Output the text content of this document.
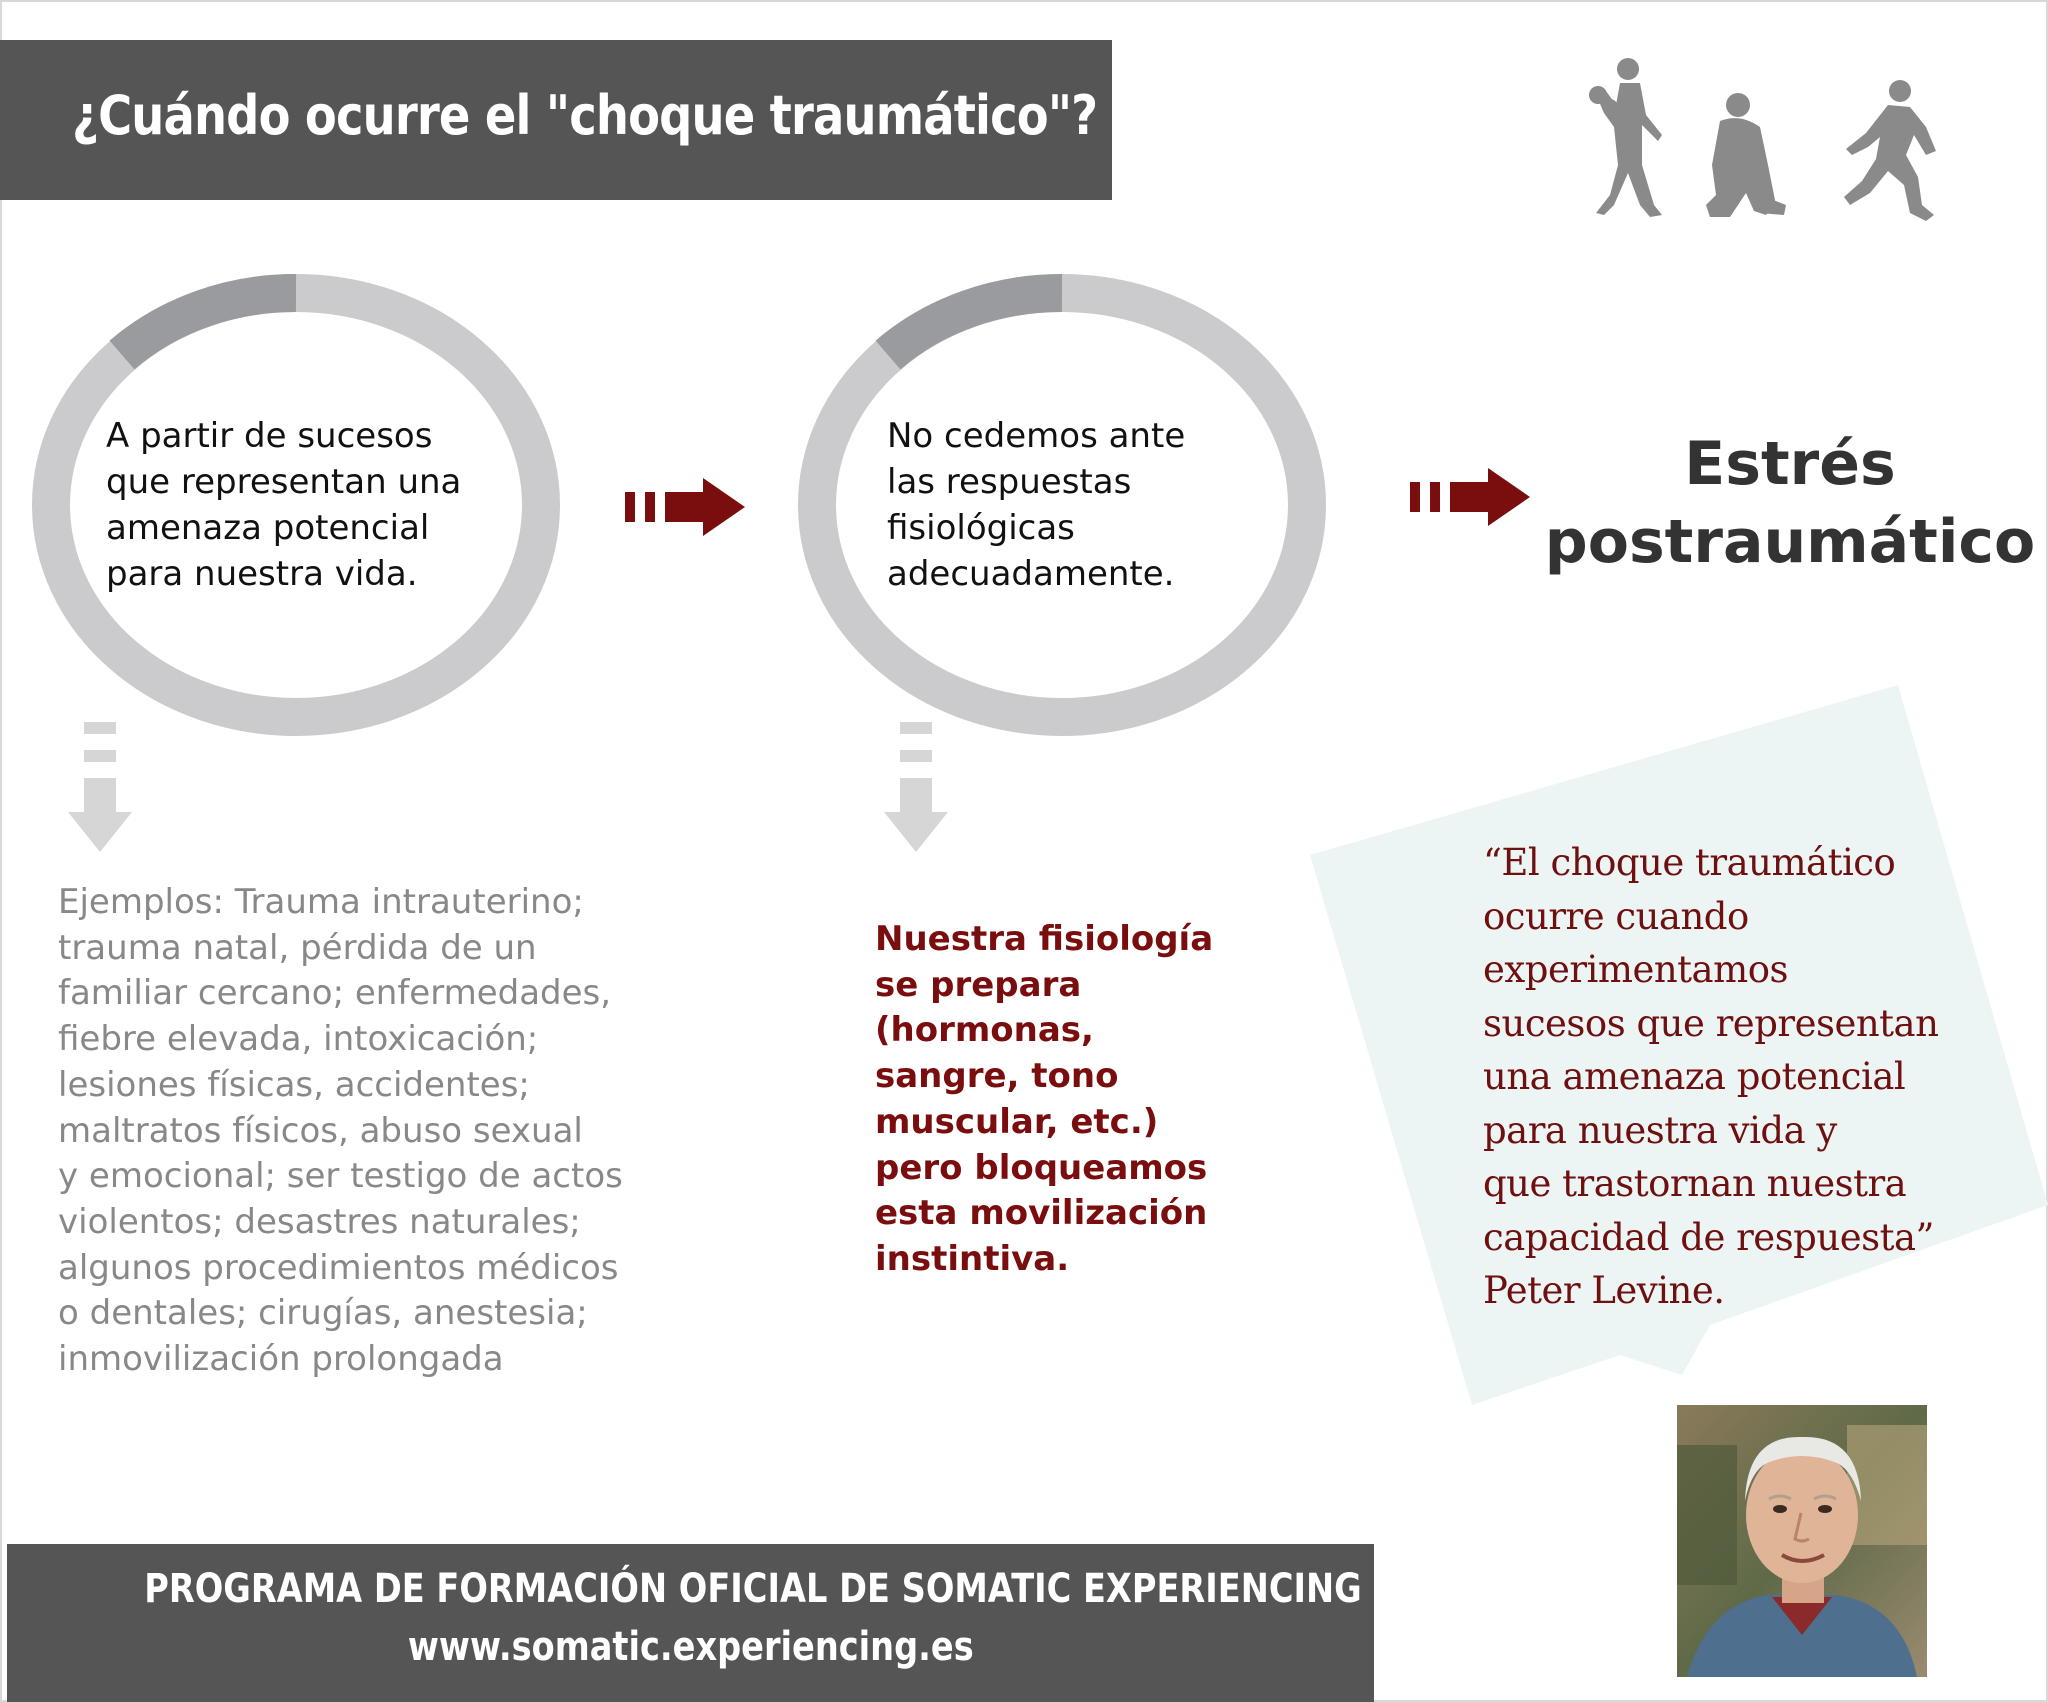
¿Cuándo ocurre el "choque traumático"?
A partir de sucesos
que representan una
amenaza potencial
para nuestra vida.
No cedemos ante
las respuestas
fisiológicas
adecuadamente.
Estrés
postraumático
Ejemplos: Trauma intrauterino;
trauma natal, pérdida de un
familiar cercano; enfermedades,
fiebre elevada, intoxicación;
lesiones físicas, accidentes;
maltratos físicos, abuso sexual
y emocional; ser testigo de actos
violentos; desastres naturales;
algunos procedimientos médicos
o dentales; cirugías, anestesia;
inmovilización prolongada
Nuestra fisiología
se prepara
(hormonas,
sangre, tono
muscular, etc.)
pero bloqueamos
esta movilización
instintiva.
“El choque traumático
ocurre cuando
experimentamos
sucesos que representan
una amenaza potencial
para nuestra vida y
que trastornan nuestra
capacidad de respuesta”
Peter Levine.
PROGRAMA DE FORMACIÓN OFICIAL DE SOMATIC EXPERIENCING EN ESPAÑA
www.somatic.experiencing.es
